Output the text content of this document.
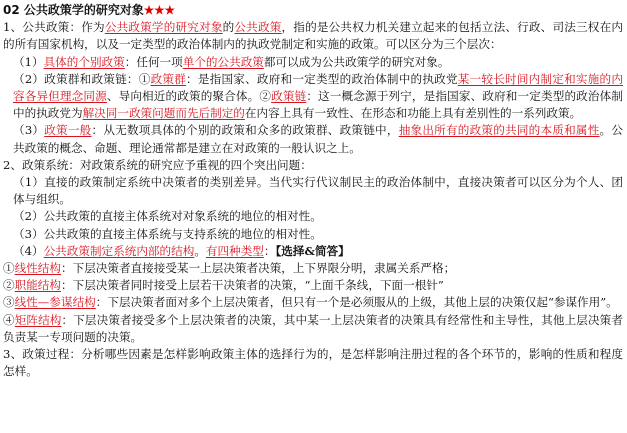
02 公共政策学的研究对象★★★

1、公共政策：作为公共政策学的研究对象的公共政策，指的是公共权力机关建立起来的包括立法、行政、司法三权在内的所有国家机构，以及一定类型的政治体制内的执政党制定和实施的政策。可以区分为三个层次：

（1）具体的个别政策：任何一项单个的公共政策都可以成为公共政策学的研究对象。

（2）政策群和政策链：①政策群：是指国家、政府和一定类型的政治体制中的执政党某一较长时间内制定和实施的内容各异但理念同源、导向相近的政策的聚合体。②政策链：这一概念源于列宁，是指国家、政府和一定类型的政治体制中的执政党为解决同一政策问题而先后制定的在内容上具有一致性、在形态和功能上具有差别性的一系列政策。

（3）政策一般：从无数项具体的个别的政策和众多的政策群、政策链中，抽象出所有的政策的共同的本质和属性。公共政策的概念、命题、理论通常都是建立在对政策的一般认识之上。

2、政策系统：对政策系统的研究应予重视的四个突出问题：

（1）直接的政策制定系统中决策者的类别差异。当代实行代议制民主的政治体制中，直接决策者可以区分为个人、团体与组织。

（2）公共政策的直接主体系统对对象系统的地位的相对性。

（3）公共政策的直接主体系统与支持系统的地位的相对性。

（4）公共政策制定系统内部的结构。有四种类型：【选择&简答】

①线性结构：下层决策者直接接受某一上层决策者决策，上下界限分明，隶属关系严格；

②职能结构：下层决策者同时接受上层若干决策者的决策，“上面千条线，下面一根针”

③线性—参谋结构：下层决策者面对多个上层决策者，但只有一个是必须服从的上级，其他上层的决策仅起“参谋作用”。

④矩阵结构：下层决策者接受多个上层决策者的决策，其中某一上层决策者的决策具有经常性和主导性，其他上层决策者负责某一专项问题的决策。

3、政策过程：分析哪些因素是怎样影响政策主体的选择行为的，是怎样影响注册过程的各个环节的，影响的性质和程度怎样。
